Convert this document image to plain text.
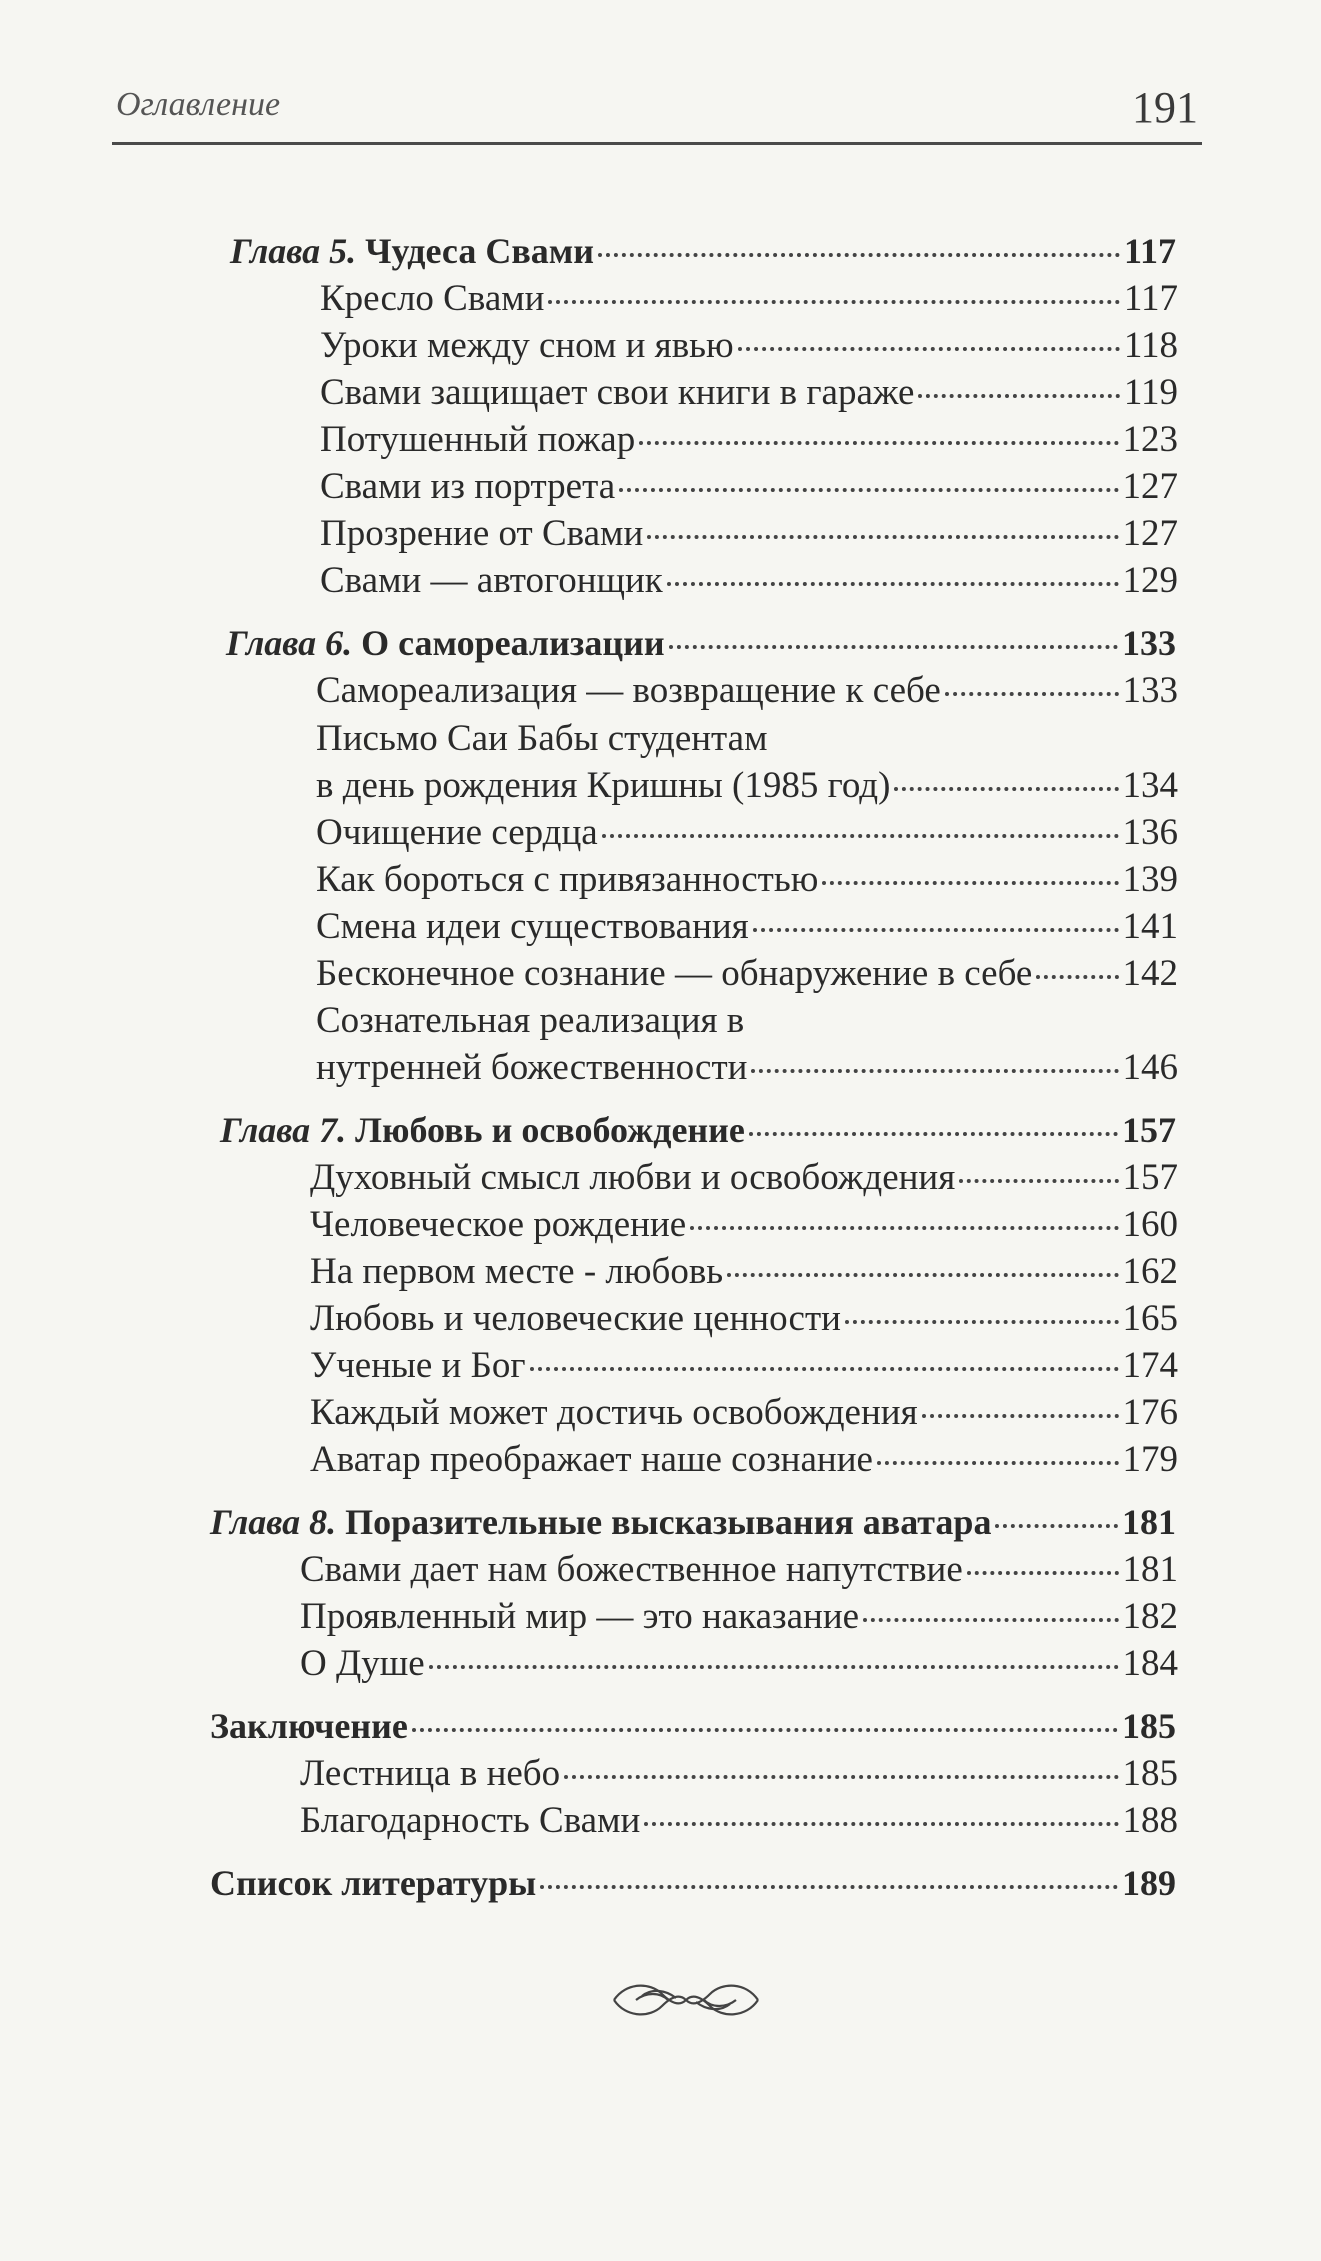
Оглавление	191
Глава 5. Чудеса Свами	117
Кресло Свами	117
Уроки между сном и явью	118
Свами защищает свои книги в гараже	119
Потушенный пожар	123
Свами из портрета	127
Прозрение от Свами	127
Свами — автогонщик	129
Глава 6. О самореализации	133
Самореализация — возвращение к себе	133
Письмо Саи Бабы студентам
в день рождения Кришны (1985 год)	134
Очищение сердца	136
Как бороться с привязанностью	139
Смена идеи существования	141
Бесконечное сознание — обнаружение в себе 142
Сознательная реализация в
нутренней божественности	146
Глава 7. Любовь и освобождение	157
Духовный смысл любви и освобождения	157
Человеческое рождение	160
На первом месте - любовь	162
Любовь и человеческие ценности	165
Ученые и Бог	174
Каждый может достичь освобождения	176
Аватар преображает наше сознание	179
Глава 8. Поразительные высказывания аватара	181
Свами дает нам божественное напутствие	181
Проявленный мир — это наказание	182
О Душе	184
Заключение	185
Лестница в небо	185
Благодарность Свами	188
Список литературы	189
